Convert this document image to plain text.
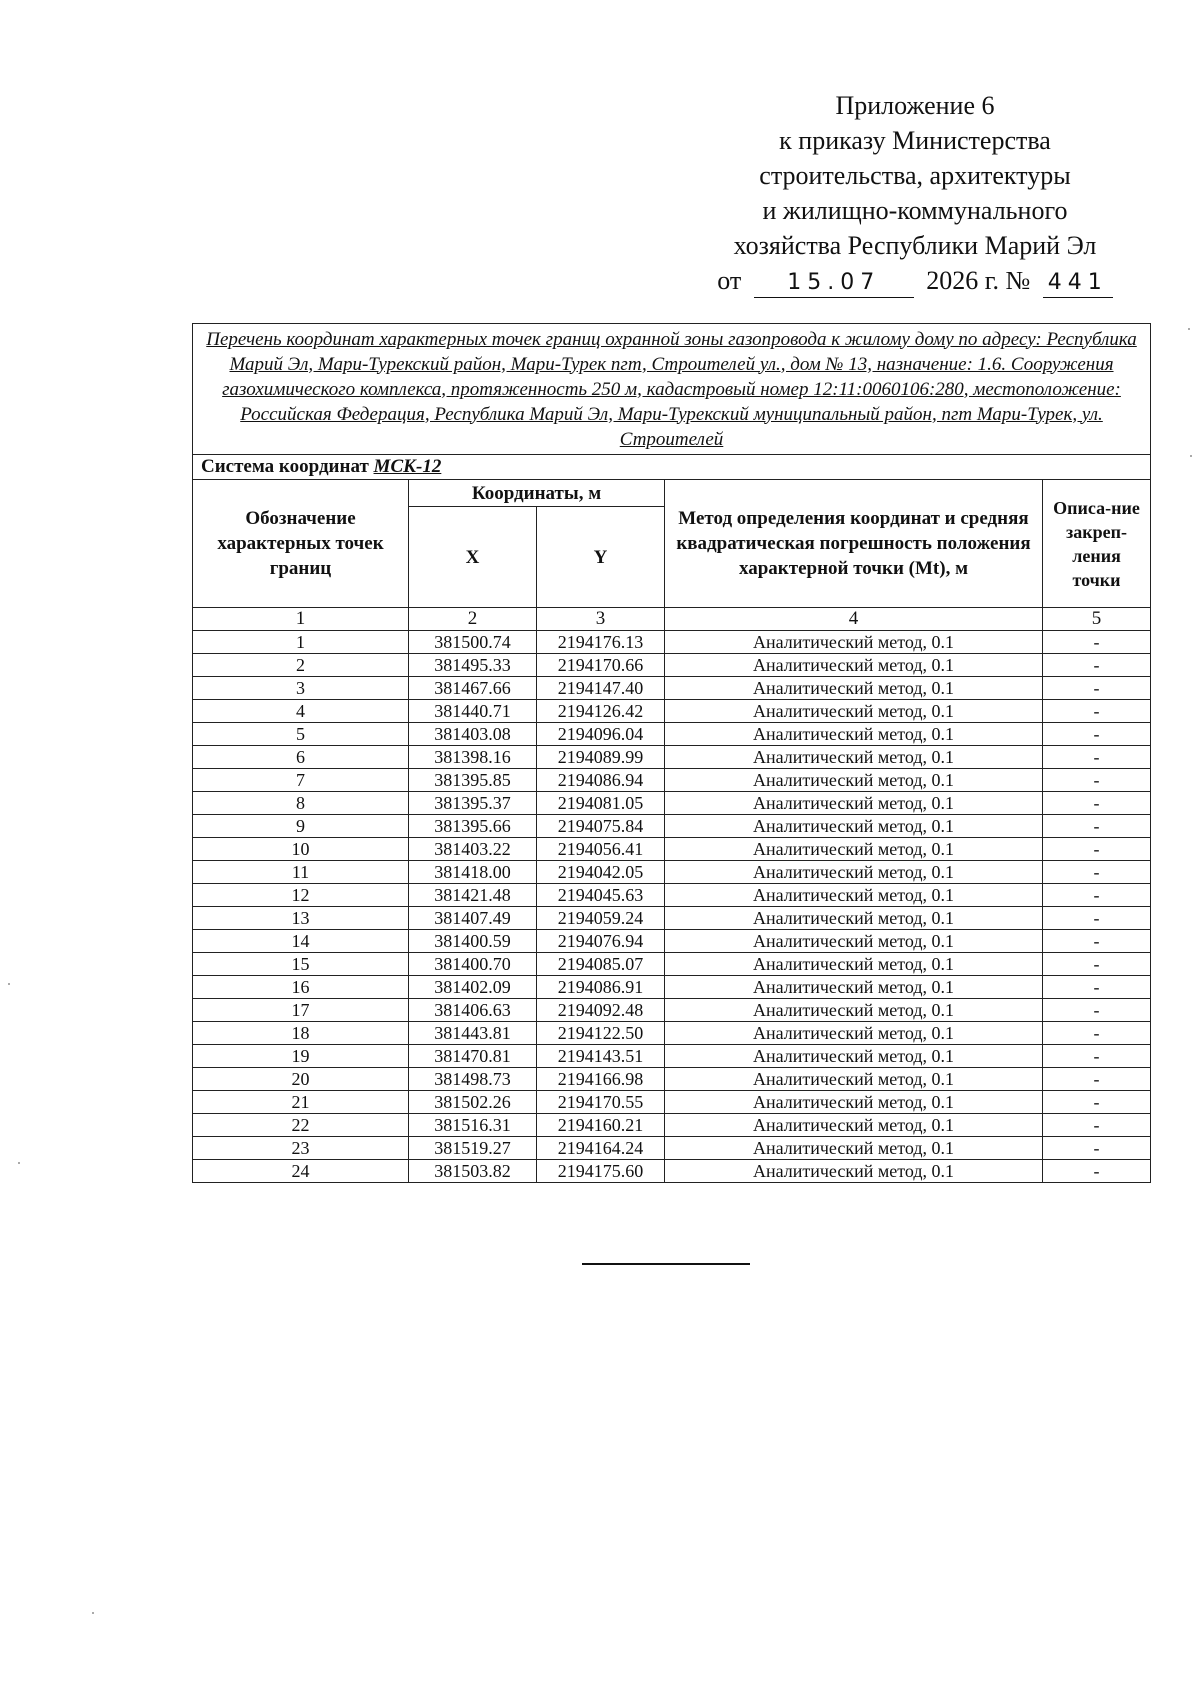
Приложение 6
к приказу Министерства
строительства, архитектуры
и жилищно-коммунального
хозяйства Республики Марий Эл
от 15.07 2026 г. № 441
Перечень координат характерных точек границ охранной зоны газопровода к жилому дому по адресу: Республика Марий Эл, Мари-Турекский район, Мари-Турек пгт, Строителей ул., дом № 13, назначение: 1.6. Сооружения газохимического комплекса, протяженность 250 м, кадастровый номер 12:11:0060106:280, местоположение: Российская Федерация, Республика Марий Эл, Мари-Турекский муниципальный район, пгт Мари-Турек, ул. Строителей				
Система координат МСК-12				
Обозначение характерных точек границ	Координаты, м		Метод определения координат и средняя квадратическая погрешность положения характерной точки (Mt), м	Описа-ние закреп-ления точки
	X	Y		
1	2	3	4	5
1	381500.74	2194176.13	Аналитический метод, 0.1	-
2	381495.33	2194170.66	Аналитический метод, 0.1	-
3	381467.66	2194147.40	Аналитический метод, 0.1	-
4	381440.71	2194126.42	Аналитический метод, 0.1	-
5	381403.08	2194096.04	Аналитический метод, 0.1	-
6	381398.16	2194089.99	Аналитический метод, 0.1	-
7	381395.85	2194086.94	Аналитический метод, 0.1	-
8	381395.37	2194081.05	Аналитический метод, 0.1	-
9	381395.66	2194075.84	Аналитический метод, 0.1	-
10	381403.22	2194056.41	Аналитический метод, 0.1	-
11	381418.00	2194042.05	Аналитический метод, 0.1	-
12	381421.48	2194045.63	Аналитический метод, 0.1	-
13	381407.49	2194059.24	Аналитический метод, 0.1	-
14	381400.59	2194076.94	Аналитический метод, 0.1	-
15	381400.70	2194085.07	Аналитический метод, 0.1	-
16	381402.09	2194086.91	Аналитический метод, 0.1	-
17	381406.63	2194092.48	Аналитический метод, 0.1	-
18	381443.81	2194122.50	Аналитический метод, 0.1	-
19	381470.81	2194143.51	Аналитический метод, 0.1	-
20	381498.73	2194166.98	Аналитический метод, 0.1	-
21	381502.26	2194170.55	Аналитический метод, 0.1	-
22	381516.31	2194160.21	Аналитический метод, 0.1	-
23	381519.27	2194164.24	Аналитический метод, 0.1	-
24	381503.82	2194175.60	Аналитический метод, 0.1	-
